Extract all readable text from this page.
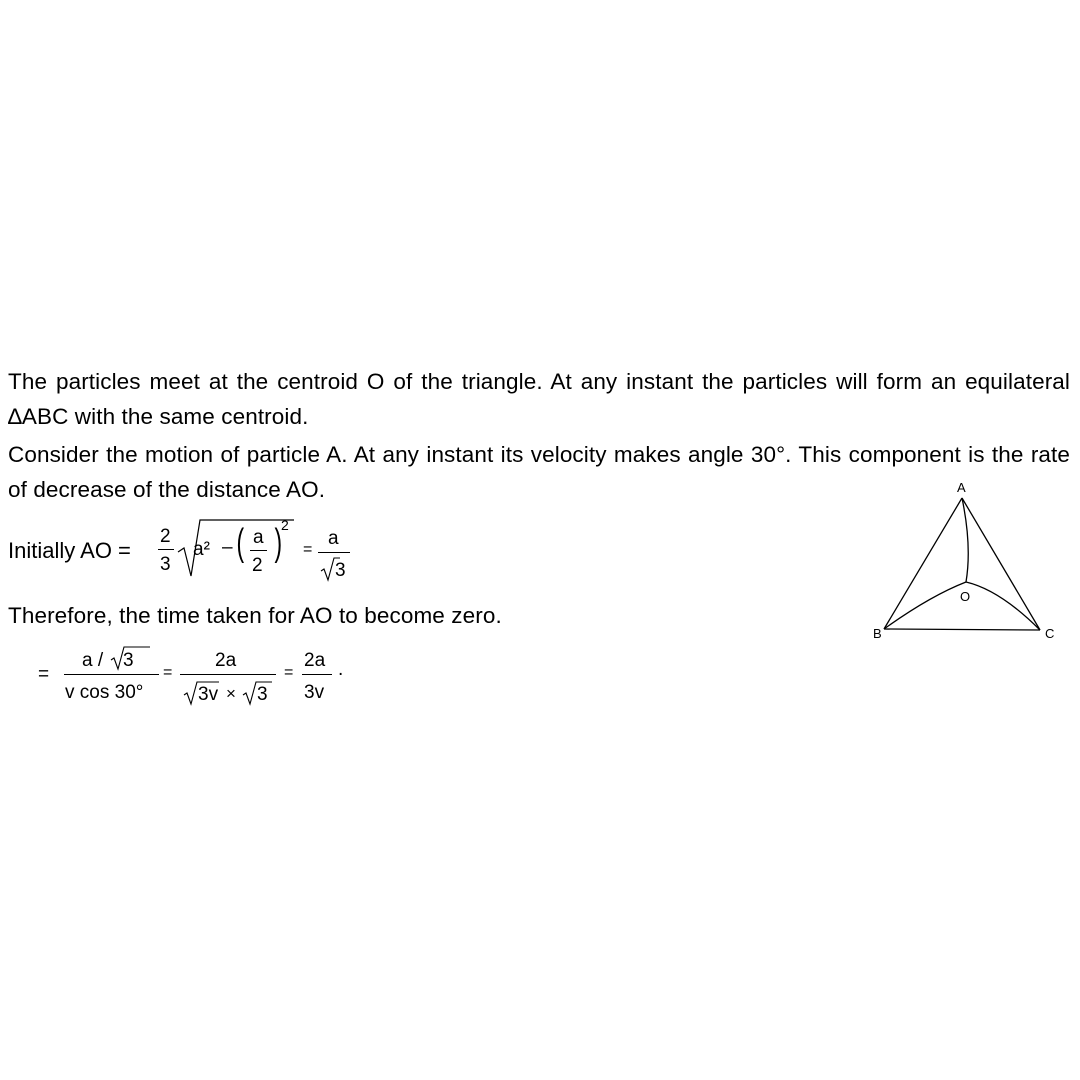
The particles meet at the centroid O of the triangle. At any instant the particles will form an equilateral ∆ABC with the same centroid.
Consider the motion of particle A. At any instant its velocity makes angle 30°. This component is the rate of decrease of the distance AO.
Therefore, the time taken for AO to become zero.
Initially AO =
2
3
a² – ( a
2
)
2
=
a
3
=
a / 3
v cos 30°
=
2a
3v × 3
=
2a
3v
.
A
B	C
O
